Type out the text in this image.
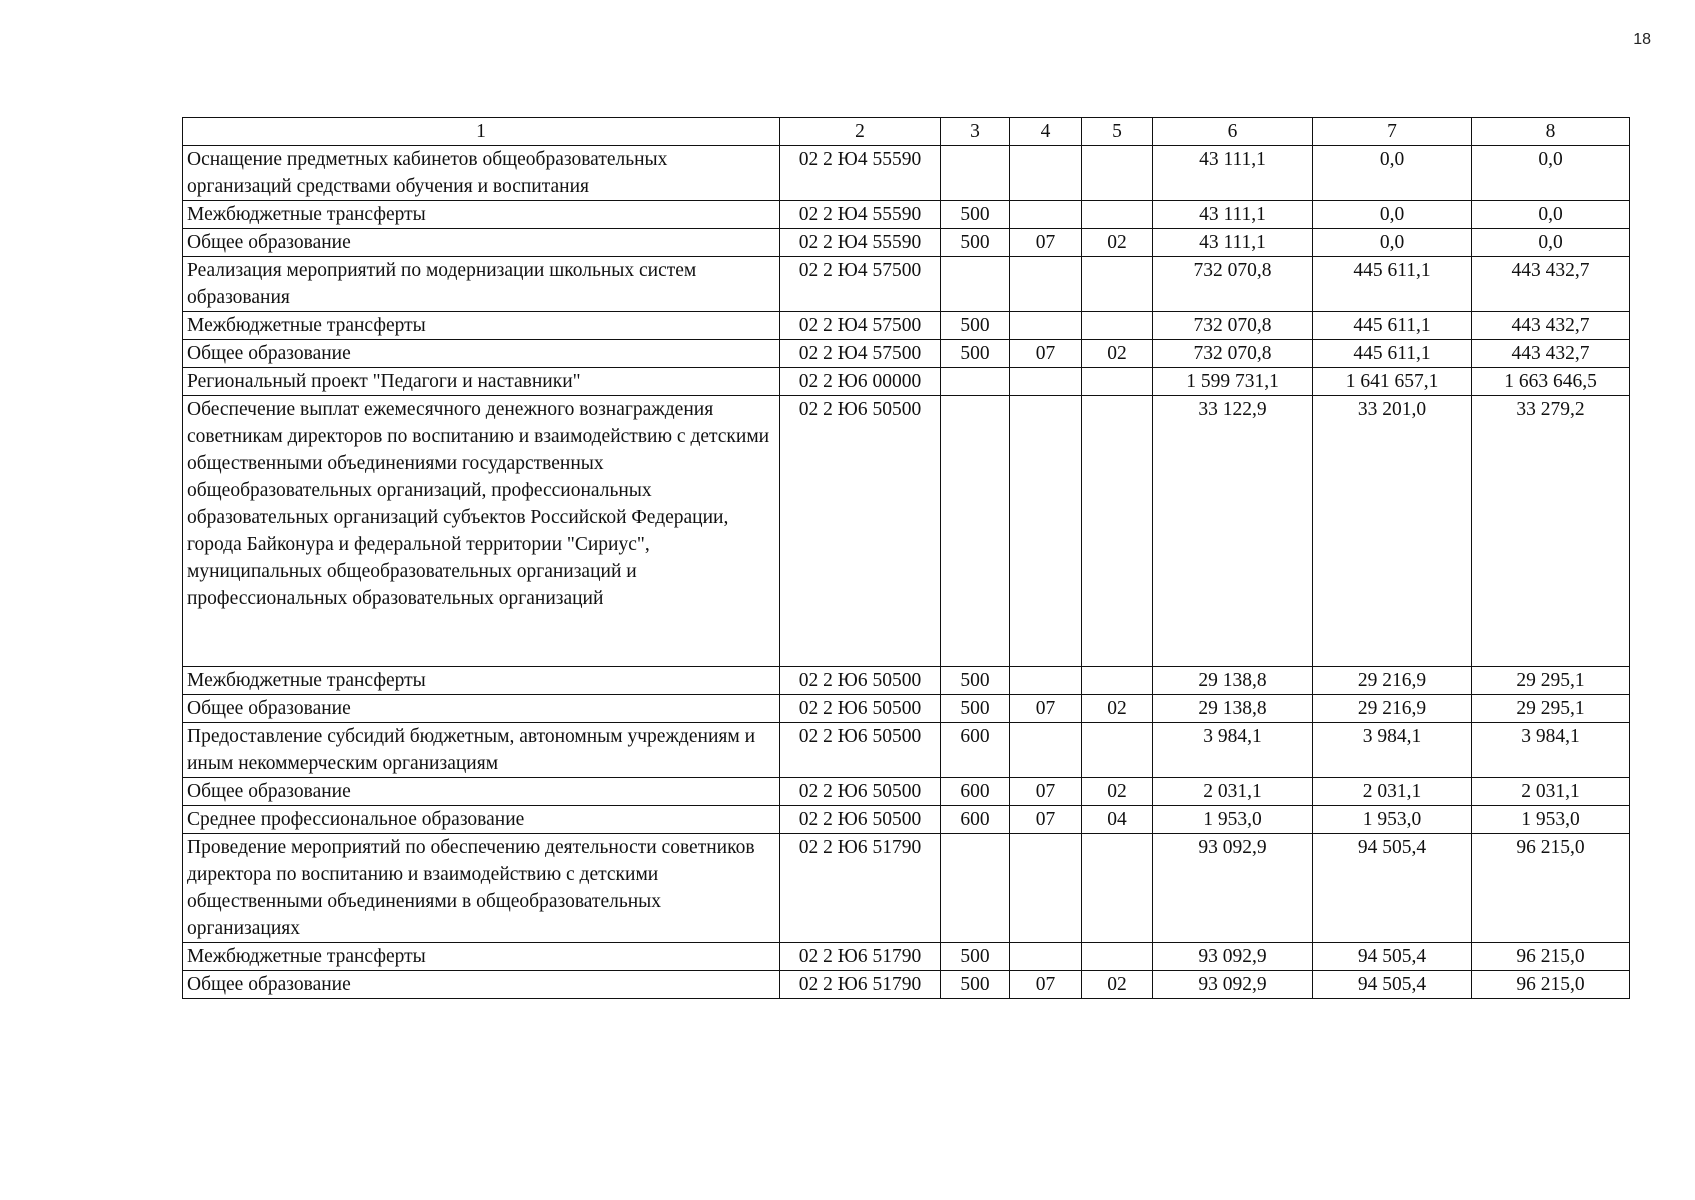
18
1	2	3	4	5	6	7	8
Оснащение предметных кабинетов общеобразовательных организаций средствами обучения и воспитания	02 2 Ю4 55590				43 111,1	0,0	0,0
Межбюджетные трансферты	02 2 Ю4 55590	500			43 111,1	0,0	0,0
Общее образование	02 2 Ю4 55590	500	07	02	43 111,1	0,0	0,0
Реализация мероприятий по модернизации школьных систем образования	02 2 Ю4 57500				732 070,8	445 611,1	443 432,7
Межбюджетные трансферты	02 2 Ю4 57500	500			732 070,8	445 611,1	443 432,7
Общее образование	02 2 Ю4 57500	500	07	02	732 070,8	445 611,1	443 432,7
Региональный проект "Педагоги и наставники"	02 2 Ю6 00000				1 599 731,1	1 641 657,1	1 663 646,5
Обеспечение выплат ежемесячного денежного вознаграждения советникам директоров по воспитанию и взаимодействию с детскими общественными объединениями государственных общеобразовательных организаций, профессиональных образовательных организаций субъектов Российской Федерации, города Байконура и федеральной территории "Сириус", муниципальных общеобразовательных организаций и профессиональных образовательных организаций	02 2 Ю6 50500				33 122,9	33 201,0	33 279,2
Межбюджетные трансферты	02 2 Ю6 50500	500			29 138,8	29 216,9	29 295,1
Общее образование	02 2 Ю6 50500	500	07	02	29 138,8	29 216,9	29 295,1
Предоставление субсидий бюджетным, автономным учреждениям и иным некоммерческим организациям	02 2 Ю6 50500	600			3 984,1	3 984,1	3 984,1
Общее образование	02 2 Ю6 50500	600	07	02	2 031,1	2 031,1	2 031,1
Среднее профессиональное образование	02 2 Ю6 50500	600	07	04	1 953,0	1 953,0	1 953,0
Проведение мероприятий по обеспечению деятельности советников директора по воспитанию и взаимодействию с детскими общественными объединениями в общеобразовательных организациях	02 2 Ю6 51790				93 092,9	94 505,4	96 215,0
Межбюджетные трансферты	02 2 Ю6 51790	500			93 092,9	94 505,4	96 215,0
Общее образование	02 2 Ю6 51790	500	07	02	93 092,9	94 505,4	96 215,0
